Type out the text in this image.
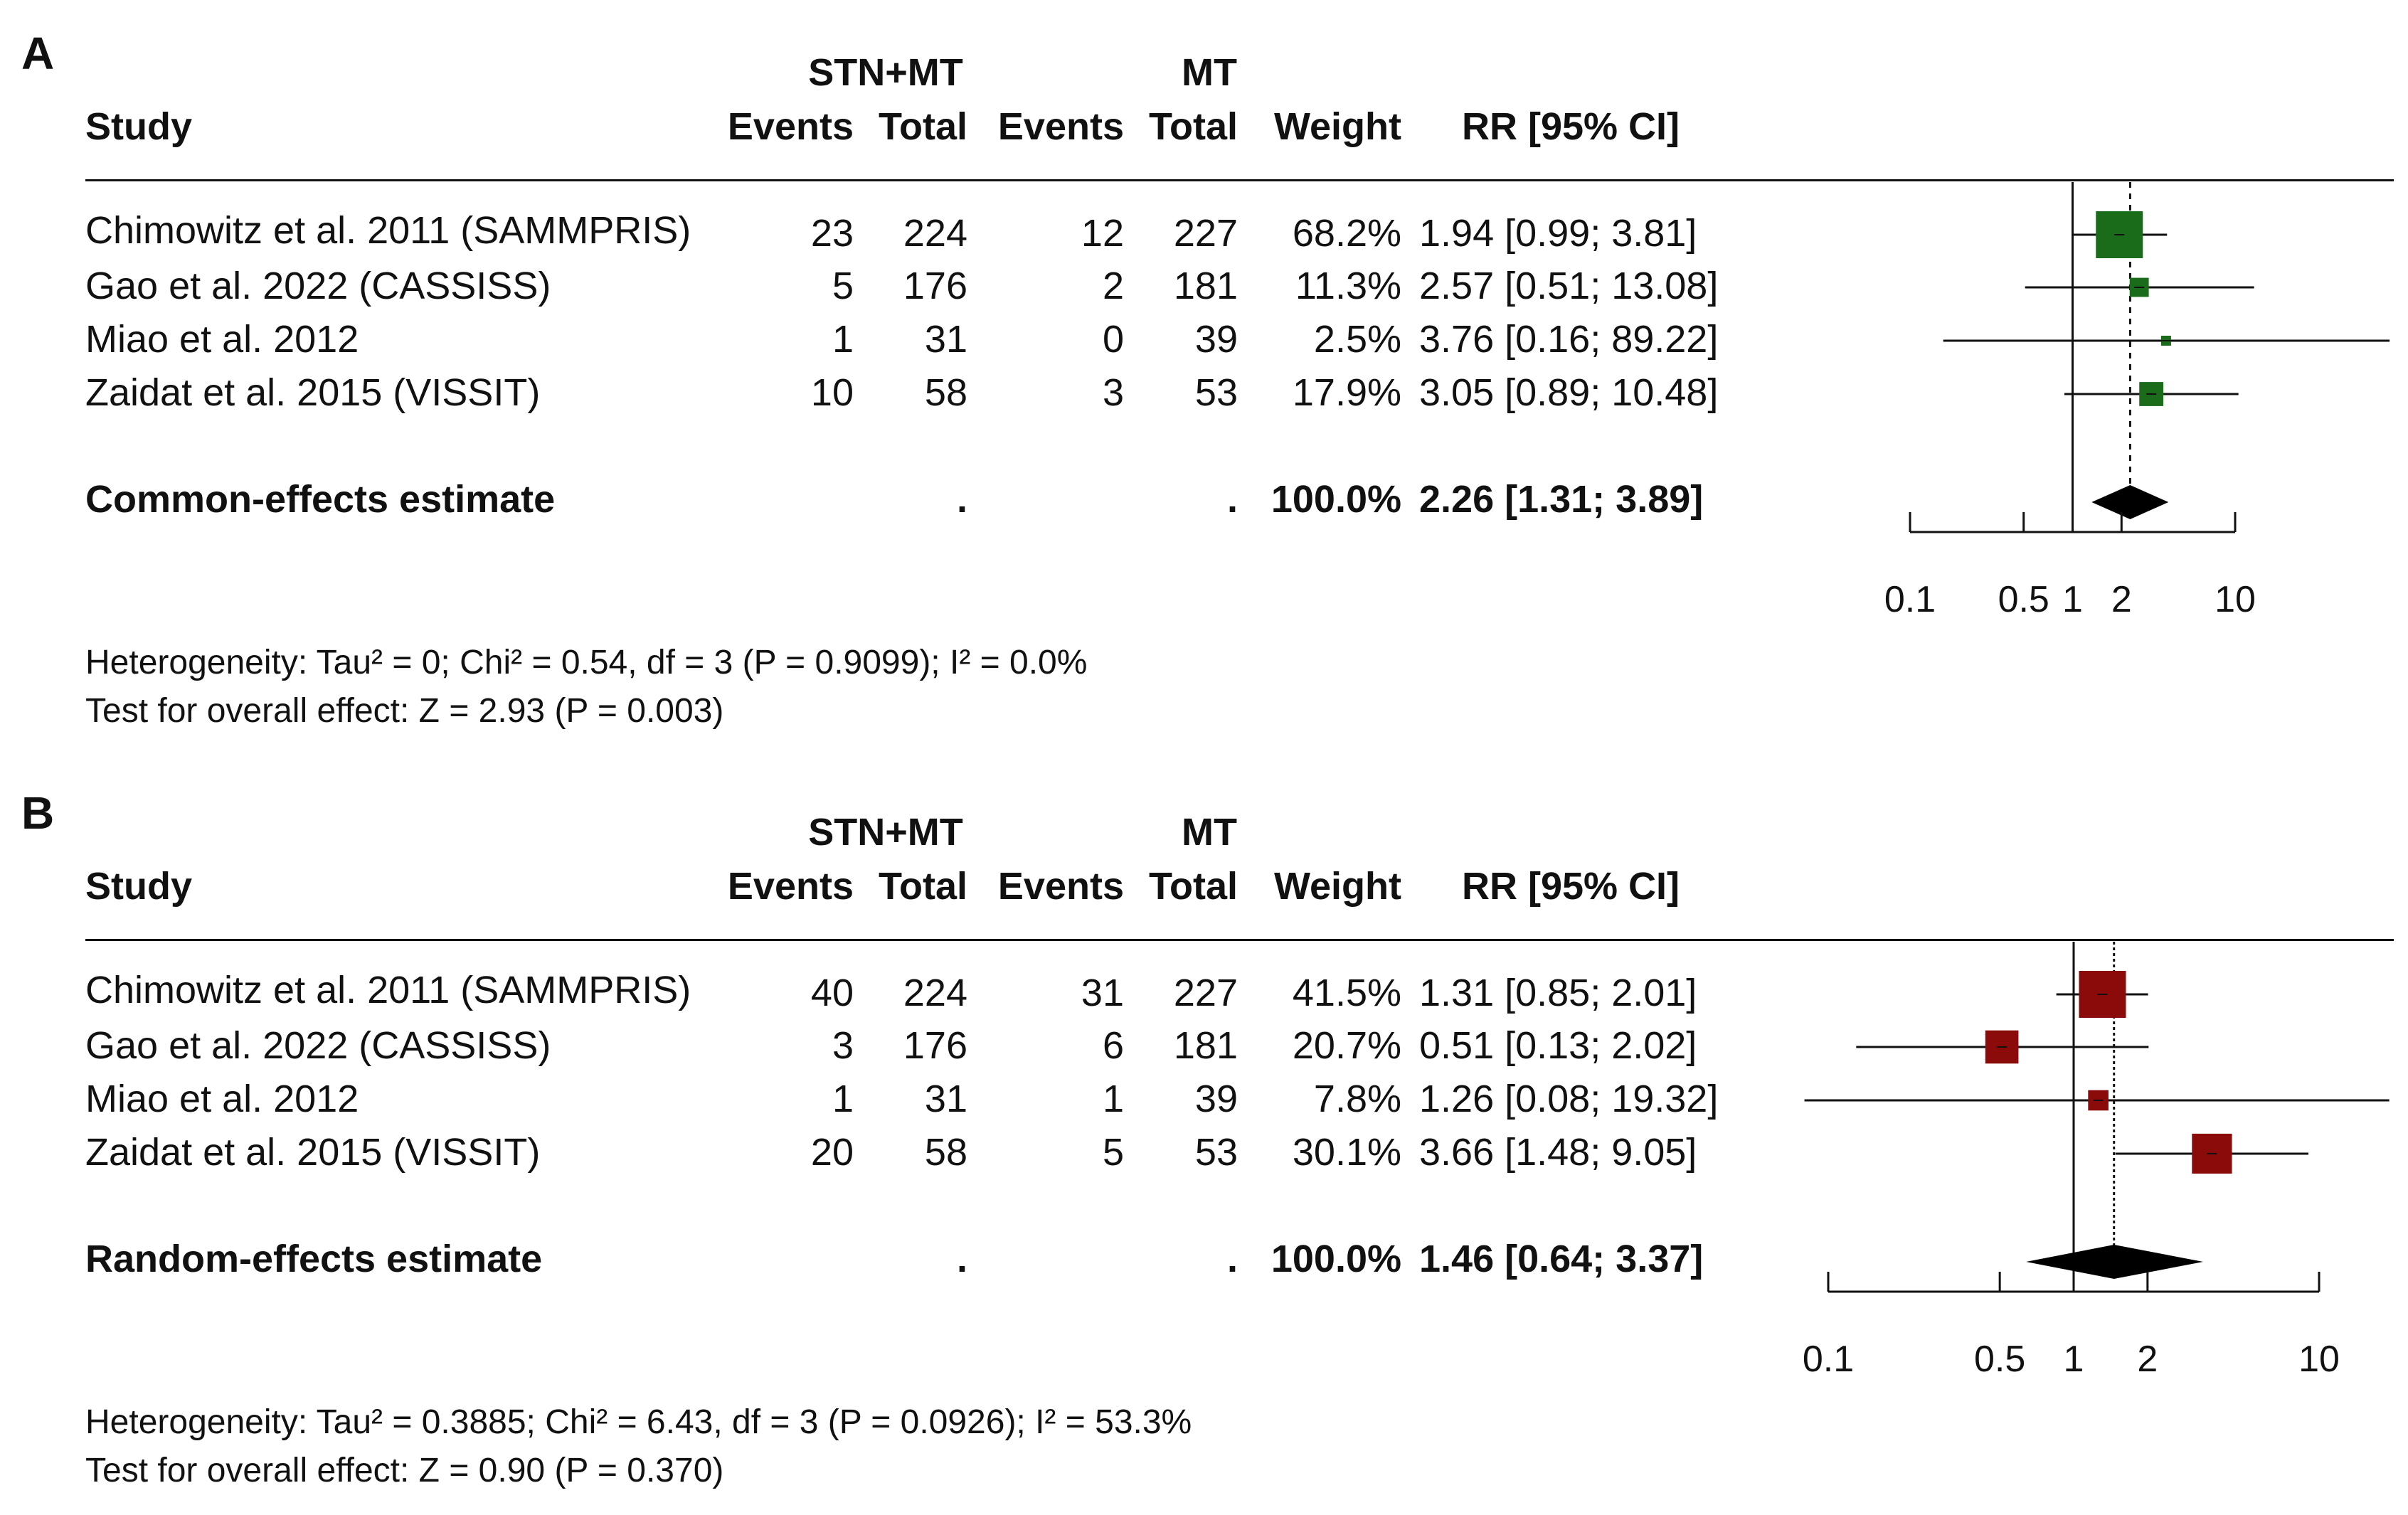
A	STN+MT	MT
Study	Events Total Events Total Weight RR [95% CI]
Chimowitz et al. 2011 (SAMMPRIS)	23	224	12	227	68.2% 1.94 [0.99; 3.81]
Gao et al. 2022 (CASSISS)	5	176	2	181	11.3% 2.57 [0.51; 13.08]
Miao et al. 2012	1	31	0	39	2.5% 3.76 [0.16; 89.22]
Zaidat et al. 2015 (VISSIT)	10	58	3	53	17.9% 3.05 [0.89; 10.48]
Common-effects estimate	.	. 100.0% 2.26 [1.31; 3.89]
Heterogeneity: Tau² = 0; Chi² = 0.54, df = 3 (P = 0.9099); I² = 0.0%
Test for overall effect: Z = 2.93 (P = 0.003)
0.1 0.5 1 2 10
B	STN+MT	MT
Study	Events Total Events Total Weight RR [95% CI]
Chimowitz et al. 2011 (SAMMPRIS)	40	224	31	227	41.5% 1.31 [0.85; 2.01]
Gao et al. 2022 (CASSISS)	3	176	6	181	20.7% 0.51 [0.13; 2.02]
Miao et al. 2012	1	31	1	39	7.8% 1.26 [0.08; 19.32]
Zaidat et al. 2015 (VISSIT)	20	58	5	53	30.1% 3.66 [1.48; 9.05]
Random-effects estimate	.	. 100.0% 1.46 [0.64; 3.37]
Heterogeneity: Tau² = 0.3885; Chi² = 6.43, df = 3 (P = 0.0926); I² = 53.3%
Test for overall effect: Z = 0.90 (P = 0.370)
0.1	0.5 1 2	10
